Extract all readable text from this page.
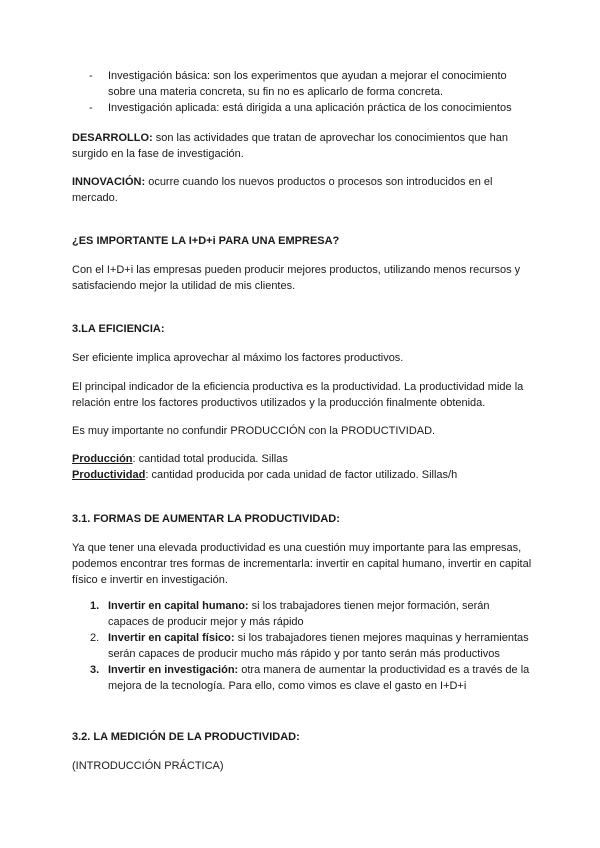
- Investigación básica: son los experimentos que ayudan a mejorar el conocimiento sobre una materia concreta, su fin no es aplicarlo de forma concreta.
- Investigación aplicada: está dirigida a una aplicación práctica de los conocimientos

DESARROLLO: son las actividades que tratan de aprovechar los conocimientos que han surgido en la fase de investigación.

INNOVACIÓN: ocurre cuando los nuevos productos o procesos son introducidos en el mercado.

¿ES IMPORTANTE LA I+D+i PARA UNA EMPRESA?

Con el I+D+i las empresas pueden producir mejores productos, utilizando menos recursos y satisfaciendo mejor la utilidad de mis clientes.

3.LA EFICIENCIA:

Ser eficiente implica aprovechar al máximo los factores productivos.

El principal indicador de la eficiencia productiva es la productividad. La productividad mide la relación entre los factores productivos utilizados y la producción finalmente obtenida.

Es muy importante no confundir PRODUCCIÓN con la PRODUCTIVIDAD.

Producción: cantidad total producida. Sillas

Productividad: cantidad producida por cada unidad de factor utilizado. Sillas/h

3.1. FORMAS DE AUMENTAR LA PRODUCTIVIDAD:

Ya que tener una elevada productividad es una cuestión muy importante para las empresas, podemos encontrar tres formas de incrementarla: invertir en capital humano, invertir en capital físico e invertir en investigación.

1. Invertir en capital humano: si los trabajadores tienen mejor formación, serán capaces de producir mejor y más rápido
2. Invertir en capital físico: si los trabajadores tienen mejores maquinas y herramientas serán capaces de producir mucho más rápido y por tanto serán más productivos
3. Invertir en investigación: otra manera de aumentar la productividad es a través de la mejora de la tecnología. Para ello, como vimos es clave el gasto en I+D+i

3.2. LA MEDICIÓN DE LA PRODUCTIVIDAD:

(INTRODUCCIÓN PRÁCTICA)
